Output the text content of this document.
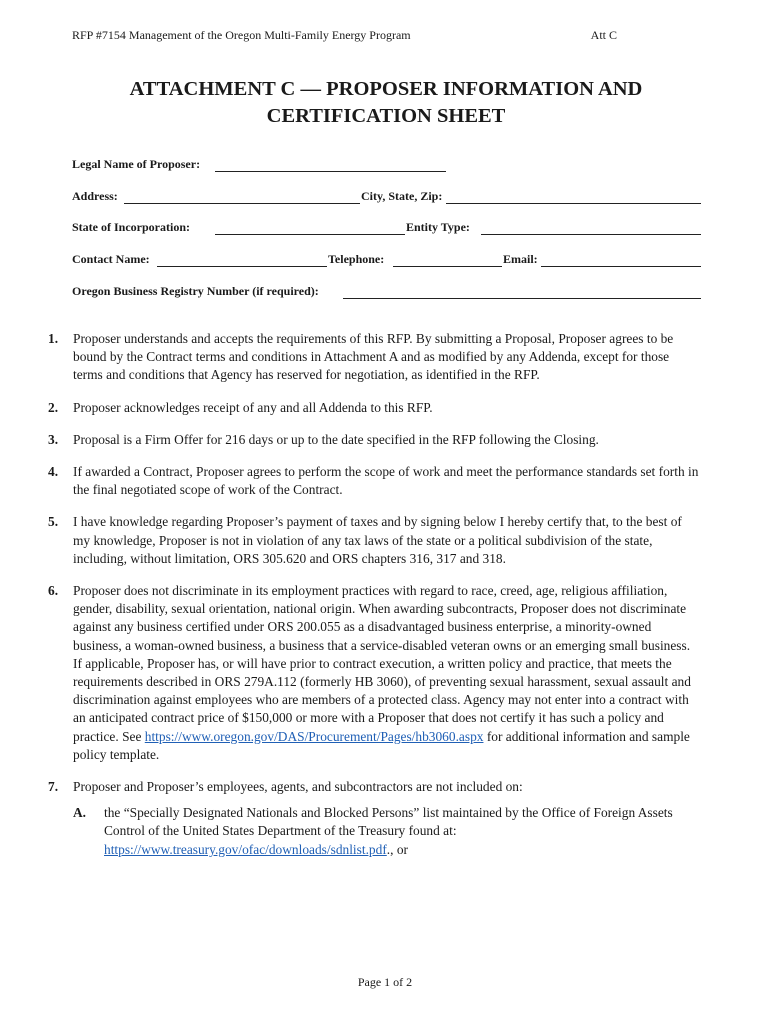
RFP #7154 Management of the Oregon Multi-Family Energy Program	Att C
ATTACHMENT C — PROPOSER INFORMATION AND
CERTIFICATION SHEET
Legal Name of Proposer:
Address:	City, State, Zip:
State of Incorporation:	Entity Type:
Contact Name:	Telephone:	Email:
Oregon Business Registry Number (if required):
1. Proposer understands and accepts the requirements of this RFP. By submitting a Proposal, Proposer agrees to be bound by the Contract terms and conditions in Attachment A and as modified by any Addenda, except for those terms and conditions that Agency has reserved for negotiation, as identified in the RFP.
2. Proposer acknowledges receipt of any and all Addenda to this RFP.
3. Proposal is a Firm Offer for 216 days or up to the date specified in the RFP following the Closing.
4. If awarded a Contract, Proposer agrees to perform the scope of work and meet the performance standards set forth in the final negotiated scope of work of the Contract.
5. I have knowledge regarding Proposer’s payment of taxes and by signing below I hereby certify that, to the best of my knowledge, Proposer is not in violation of any tax laws of the state or a political subdivision of the state, including, without limitation, ORS 305.620 and ORS chapters 316, 317 and 318.
6. Proposer does not discriminate in its employment practices with regard to race, creed, age, religious affiliation, gender, disability, sexual orientation, national origin. When awarding subcontracts, Proposer does not discriminate against any business certified under ORS 200.055 as a disadvantaged business enterprise, a minority-owned business, a woman-owned business, a business that a service-disabled veteran owns or an emerging small business. If applicable, Proposer has, or will have prior to contract execution, a written policy and practice, that meets the requirements described in ORS 279A.112 (formerly HB 3060), of preventing sexual harassment, sexual assault and discrimination against employees who are members of a protected class. Agency may not enter into a contract with an anticipated contract price of $150,000 or more with a Proposer that does not certify it has such a policy and practice. See https://www.oregon.gov/DAS/Procurement/Pages/hb3060.aspx for additional information and sample policy template.
7. Proposer and Proposer’s employees, agents, and subcontractors are not included on:
A. the “Specially Designated Nationals and Blocked Persons” list maintained by the Office of Foreign Assets Control of the United States Department of the Treasury found at: https://www.treasury.gov/ofac/downloads/sdnlist.pdf., or
Page 1 of 2
